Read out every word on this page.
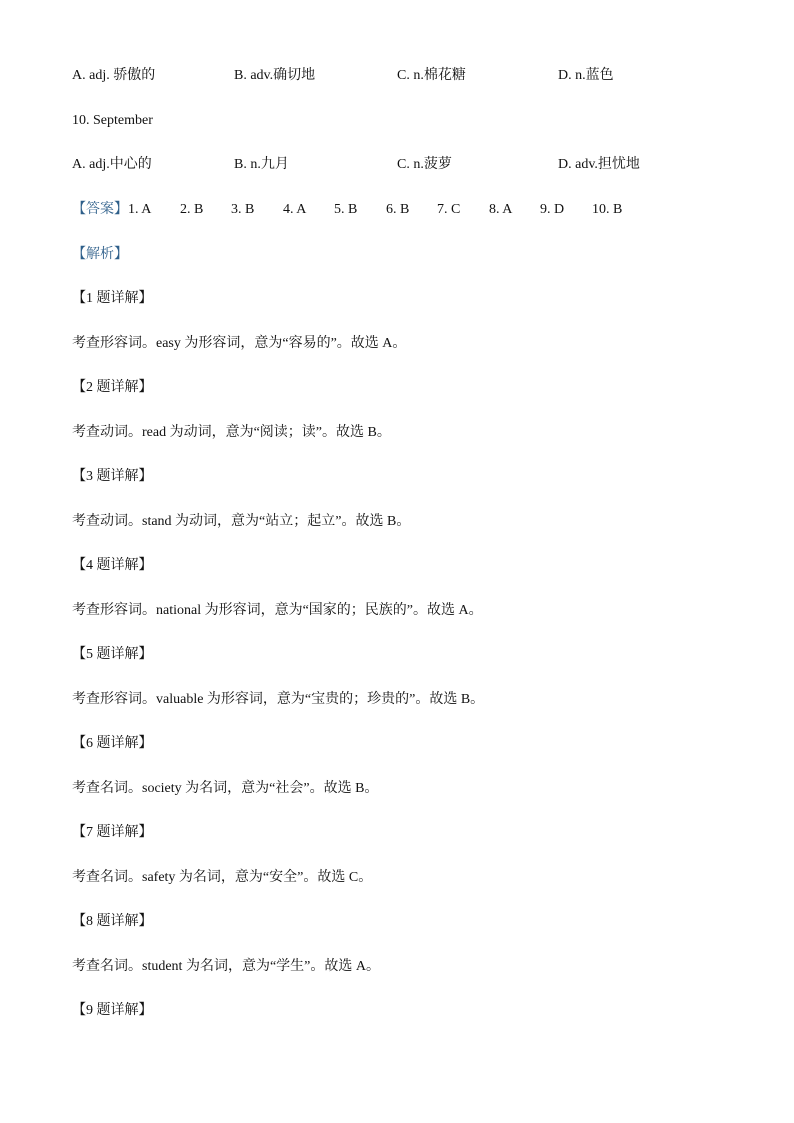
A. adj. 骄傲的	B. adv.确切地	C. n.棉花糖	D. n.蓝色
10. September
A. adj.中心的	B. n.九月	C. n.菠萝	D. adv.担忧地
【答案】 1. A 2. B 3. B 4. A 5. B 6. B 7. C 8. A 9. D 10. B
【解析】
【1 题详解】
考查形容词。easy 为形容词，意为“容易的”。故选 A。
【2 题详解】
考查动词。read 为动词，意为“阅读；读”。故选 B。
【3 题详解】
考查动词。stand 为动词，意为“站立；起立”。故选 B。
【4 题详解】
考查形容词。national 为形容词，意为“国家的；民族的”。故选 A。
【5 题详解】
考查形容词。valuable 为形容词，意为“宝贵的；珍贵的”。故选 B。
【6 题详解】
考查名词。society 为名词，意为“社会”。故选 B。
【7 题详解】
考查名词。safety 为名词，意为“安全”。故选 C。
【8 题详解】
考查名词。student 为名词，意为“学生”。故选 A。
【9 题详解】
